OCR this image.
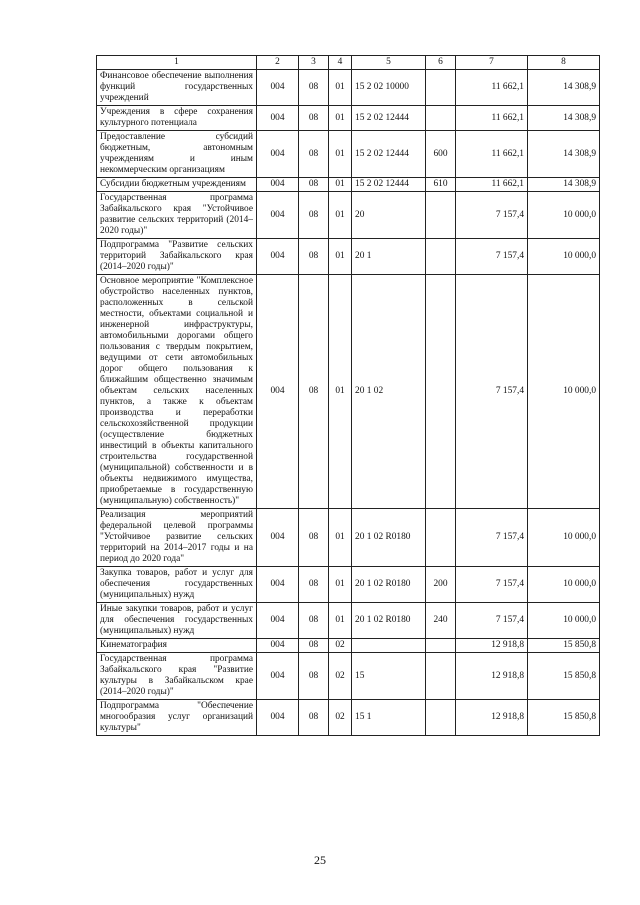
1	2	3	4	5	6	7	8
Финансовое обеспечение выполнения функций государственных учреждений	004	08	01	15 2 02 10000		11 662,1	14 308,9
Учреждения в сфере сохранения культурного потенциала	004	08	01	15 2 02 12444		11 662,1	14 308,9
Предоставление субсидий бюджетным, автономным учреждениям и иным некоммерческим организациям	004	08	01	15 2 02 12444	600	11 662,1	14 308,9
Субсидии бюджетным учреждениям	004	08	01	15 2 02 12444	610	11 662,1	14 308,9
Государственная программа Забайкальского края "Устойчивое развитие сельских территорий (2014–2020 годы)"	004	08	01	20		7 157,4	10 000,0
Подпрограмма "Развитие сельских территорий Забайкальского края (2014–2020 годы)"	004	08	01	20 1		7 157,4	10 000,0
Основное мероприятие "Комплексное обустройство населенных пунктов, расположенных в сельской местности, объектами социальной и инженерной инфраструктуры, автомобильными дорогами общего пользования с твердым покрытием, ведущими от сети автомобильных дорог общего пользования к ближайшим общественно значимым объектам сельских населенных пунктов, а также к объектам производства и переработки сельскохозяйственной продукции (осуществление бюджетных инвестиций в объекты капитального строительства государственной (муниципальной) собственности и в объекты недвижимого имущества, приобретаемые в государственную (муниципальную) собственность)"	004	08	01	20 1 02		7 157,4	10 000,0
Реализация мероприятий федеральной целевой программы "Устойчивое развитие сельских территорий на 2014–2017 годы и на период до 2020 года"	004	08	01	20 1 02 R0180		7 157,4	10 000,0
Закупка товаров, работ и услуг для обеспечения государственных (муниципальных) нужд	004	08	01	20 1 02 R0180	200	7 157,4	10 000,0
Иные закупки товаров, работ и услуг для обеспечения государственных (муниципальных) нужд	004	08	01	20 1 02 R0180	240	7 157,4	10 000,0
Кинематография	004	08	02			12 918,8	15 850,8
Государственная программа Забайкальского края "Развитие культуры в Забайкальском крае (2014–2020 годы)"	004	08	02	15		12 918,8	15 850,8
Подпрограмма "Обеспечение многообразия услуг организаций культуры"	004	08	02	15 1		12 918,8	15 850,8
25
